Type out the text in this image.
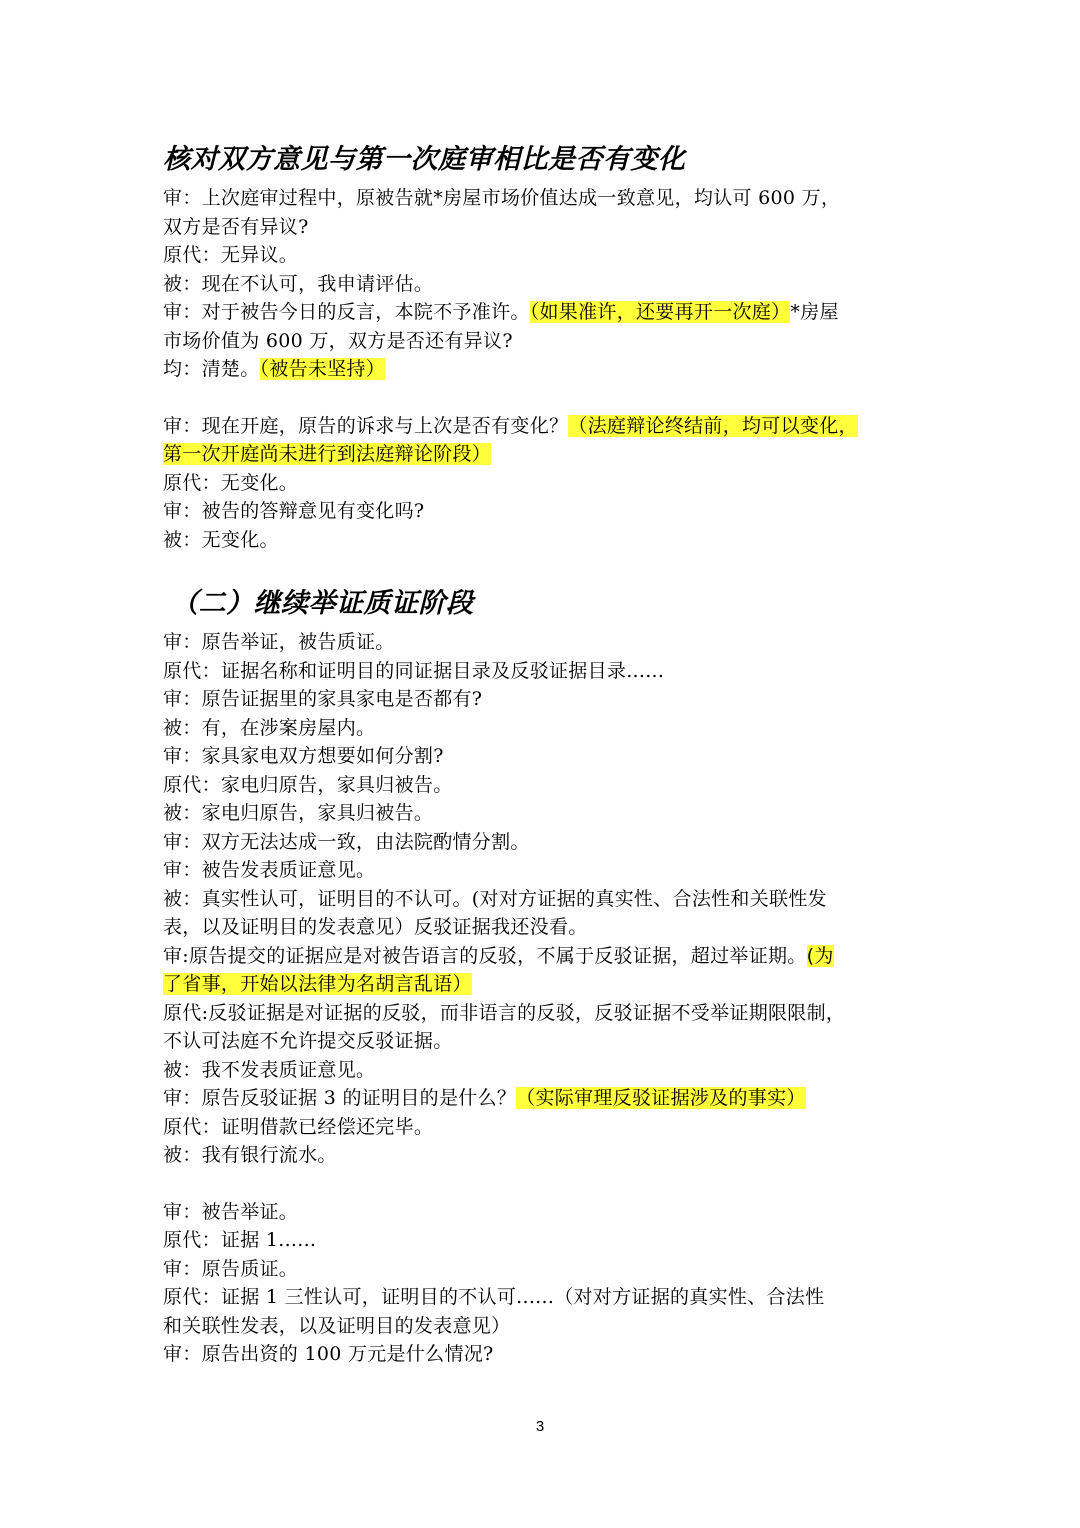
核对双方意见与第一次庭审相比是否有变化

审：上次庭审过程中，原被告就*房屋市场价值达成一致意见，均认可 600 万，

双方是否有异议?

原代：无异议。

被：现在不认可，我申请评估。

审：对于被告今日的反言，本院不予准许。（如果准许，还要再开一次庭）*房屋

市场价值为 600 万，双方是否还有异议?

均：清楚。（被告未坚持）

审：现在开庭，原告的诉求与上次是否有变化？（法庭辩论终结前，均可以变化，

第一次开庭尚未进行到法庭辩论阶段）

原代：无变化。

审：被告的答辩意见有变化吗?

被：无变化。

（二）继续举证质证阶段

审：原告举证，被告质证。

原代：证据名称和证明目的同证据目录及反驳证据目录......

审：原告证据里的家具家电是否都有?

被：有，在涉案房屋内。

审：家具家电双方想要如何分割?

原代：家电归原告，家具归被告。

被：家电归原告，家具归被告。

审：双方无法达成一致，由法院酌情分割。

审：被告发表质证意见。

被：真实性认可，证明目的不认可。(对对方证据的真实性、合法性和关联性发

表，以及证明目的发表意见）反驳证据我还没看。

审:原告提交的证据应是对被告语言的反驳，不属于反驳证据，超过举证期。(为

了省事，开始以法律为名胡言乱语）

原代:反驳证据是对证据的反驳，而非语言的反驳，反驳证据不受举证期限限制，

不认可法庭不允许提交反驳证据。

被：我不发表质证意见。

审：原告反驳证据 3 的证明目的是什么？（实际审理反驳证据涉及的事实）

原代：证明借款已经偿还完毕。

被：我有银行流水。

审：被告举证。

原代：证据 1......

审：原告质证。

原代：证据 1 三性认可，证明目的不认可......（对对方证据的真实性、合法性

和关联性发表，以及证明目的发表意见）

审：原告出资的 100 万元是什么情况?

3
